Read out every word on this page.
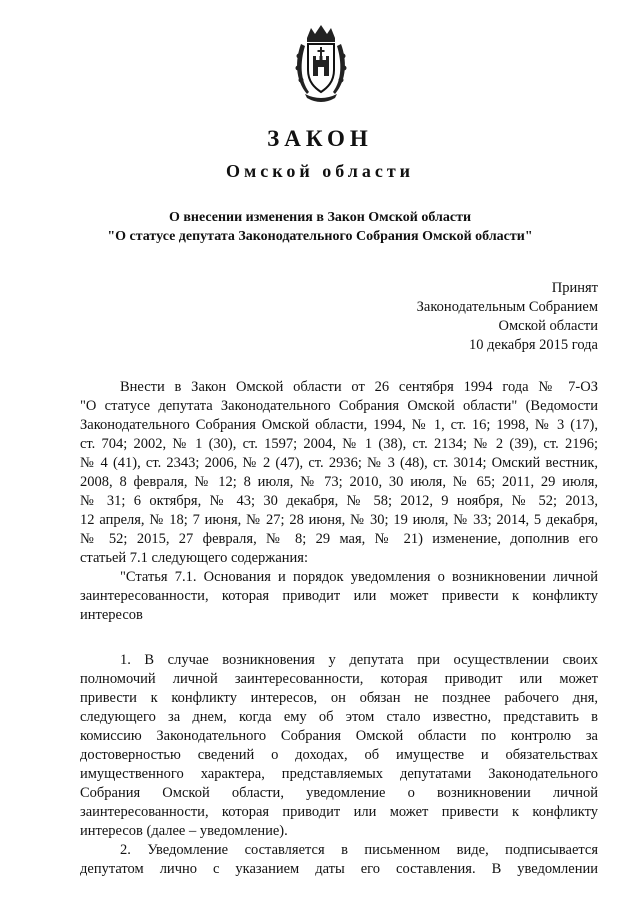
ЗАКОН
Омской области
О внесении изменения в Закон Омской области
"О статусе депутата Законодательного Собрания Омской области"
Принят
Законодательным Собранием
Омской области
10 декабря 2015 года

Внести в Закон Омской области от 26 сентября 1994 года № 7-ОЗ
"О статусе депутата Законодательного Собрания Омской области" (Ведомости
Законодательного Собрания Омской области, 1994, № 1, ст. 16; 1998, № 3 (17),
ст. 704; 2002, № 1 (30), ст. 1597; 2004, № 1 (38), ст. 2134; № 2 (39), ст. 2196;
№ 4 (41), ст. 2343; 2006, № 2 (47), ст. 2936; № 3 (48), ст. 3014; Омский вестник,
2008, 8 февраля, № 12; 8 июля, № 73; 2010, 30 июля, № 65; 2011, 29 июля,
№ 31; 6 октября, № 43; 30 декабря, № 58; 2012, 9 ноября, № 52; 2013,
12 апреля, № 18; 7 июня, № 27; 28 июня, № 30; 19 июля, № 33; 2014, 5 декабря,
№ 52; 2015, 27 февраля, № 8; 29 мая, № 21) изменение, дополнив его
статьей 7.1 следующего содержания:

"Статья 7.1. Основания и порядок уведомления о возникновении личной
заинтересованности, которая приводит или может привести к конфликту
интересов

1. В случае возникновения у депутата при осуществлении своих
полномочий личной заинтересованности, которая приводит или может
привести к конфликту интересов, он обязан не позднее рабочего дня,
следующего за днем, когда ему об этом стало известно, представить в
комиссию Законодательного Собрания Омской области по контролю за
достоверностью сведений о доходах, об имуществе и обязательствах
имущественного характера, представляемых депутатами Законодательного
Собрания Омской области, уведомление о возникновении личной
заинтересованности, которая приводит или может привести к конфликту
интересов (далее – уведомление).

2. Уведомление составляется в письменном виде, подписывается
депутатом лично с указанием даты его составления. В уведомлении
